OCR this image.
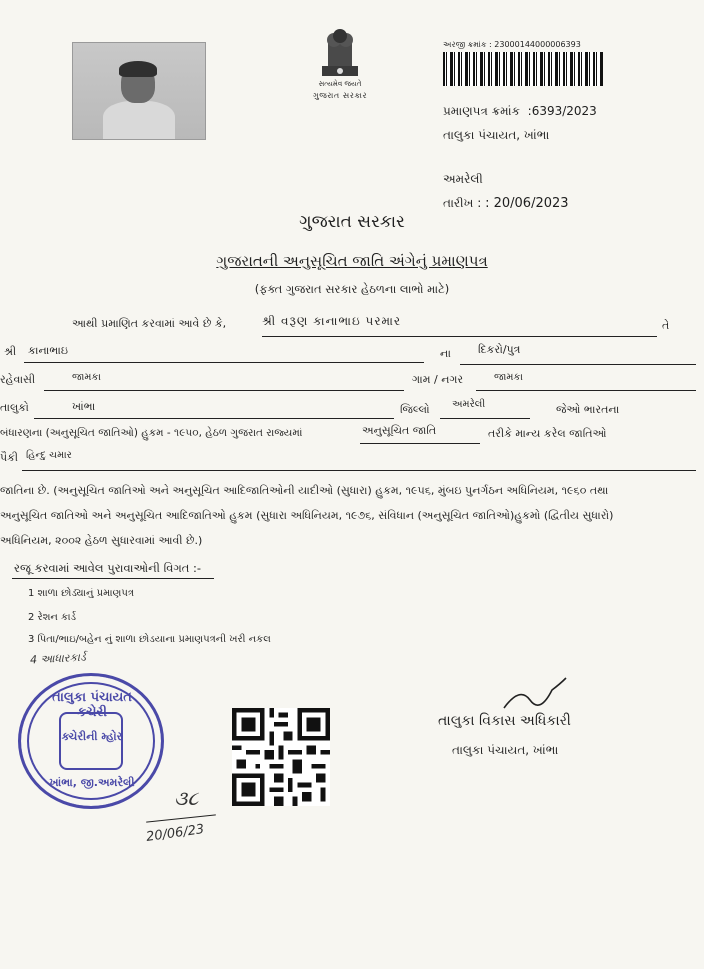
સત્યમેવ જયતે
ગુજરાત સરકાર
અરજી ક્રમાંક : 23000144000006393
પ્રમાણપત્ર ક્રમાંક :6393/2023
તાલુકા પંચાયત, ખાંભા
અમરેલી
તારીખ : : 20/06/2023
ગુજરાત સરકાર
ગુજરાતની અનુસૂચિત જાતિ અંગેનું પ્રમાણપત્ર
(ફક્ત ગુજરાત સરકાર હેઠળના લાભો માટે)
આથી પ્રમાણિત કરવામાં આવે છે કે,	શ્રી વરૂણ કાનાભાઇ પરમાર	તે
શ્રી કાનાભાઇ	ના દિકરો/પુત્ર
રહેવાસી	જામકા	ગામ / નગર	જામકા
તાલુકો	ખાંભા	જિલ્લો અમરેલી	જેઓ ભારતના
બંધારણના (અનુસૂચિત જાતિઓ) હુકમ - ૧૯૫૦, હેઠળ ગુજરાત રાજ્યમાં	અનુસૂચિત જાતિ	તરીકે માન્ય કરેલ જાતિઓ
પૈકી હિન્દુ ચમાર
જાતિના છે. (અનુસૂચિત જાતિઓ અને અનુસૂચિત આદિજાતિઓની યાદીઓ (સુધારા) હુકમ, ૧૯૫૬, મુંબઇ પુનર્ગઠન અધિનિયમ, ૧૯૬૦ તથા
અનુસૂચિત જાતિઓ અને અનુસૂચિત આદિજાતિઓ હુકમ (સુધારા અધિનિયમ, ૧૯૭૬, સંવિધાન (અનુસૂચિત જાતિઓ)હુકમો (દ્વિતીય સુધારો)
અધિનિયમ, ૨૦૦૨ હેઠળ સુધારવામાં આવી છે.)
રજૂ કરવામાં આવેલ પુરાવાઓની વિગત :-
1 શાળા છોડ્યાનું પ્રમાણપત્ર
2 રેશન કાર્ડ
3 પિતા/ભાઇ/બહેન નું શાળા છોડયાના પ્રમાણપત્રની ખરી નકલ
4 આધારકાર્ડ
તાલુકા પંચાયત કચેરી
ક્ચેરીની મ્હોર
ખાંભા, જી.અમરેલી
તાલુકા વિકાસ અધિકારી
તાલુકા પંચાયત, ખાંભા
૩૮
20/06/23
